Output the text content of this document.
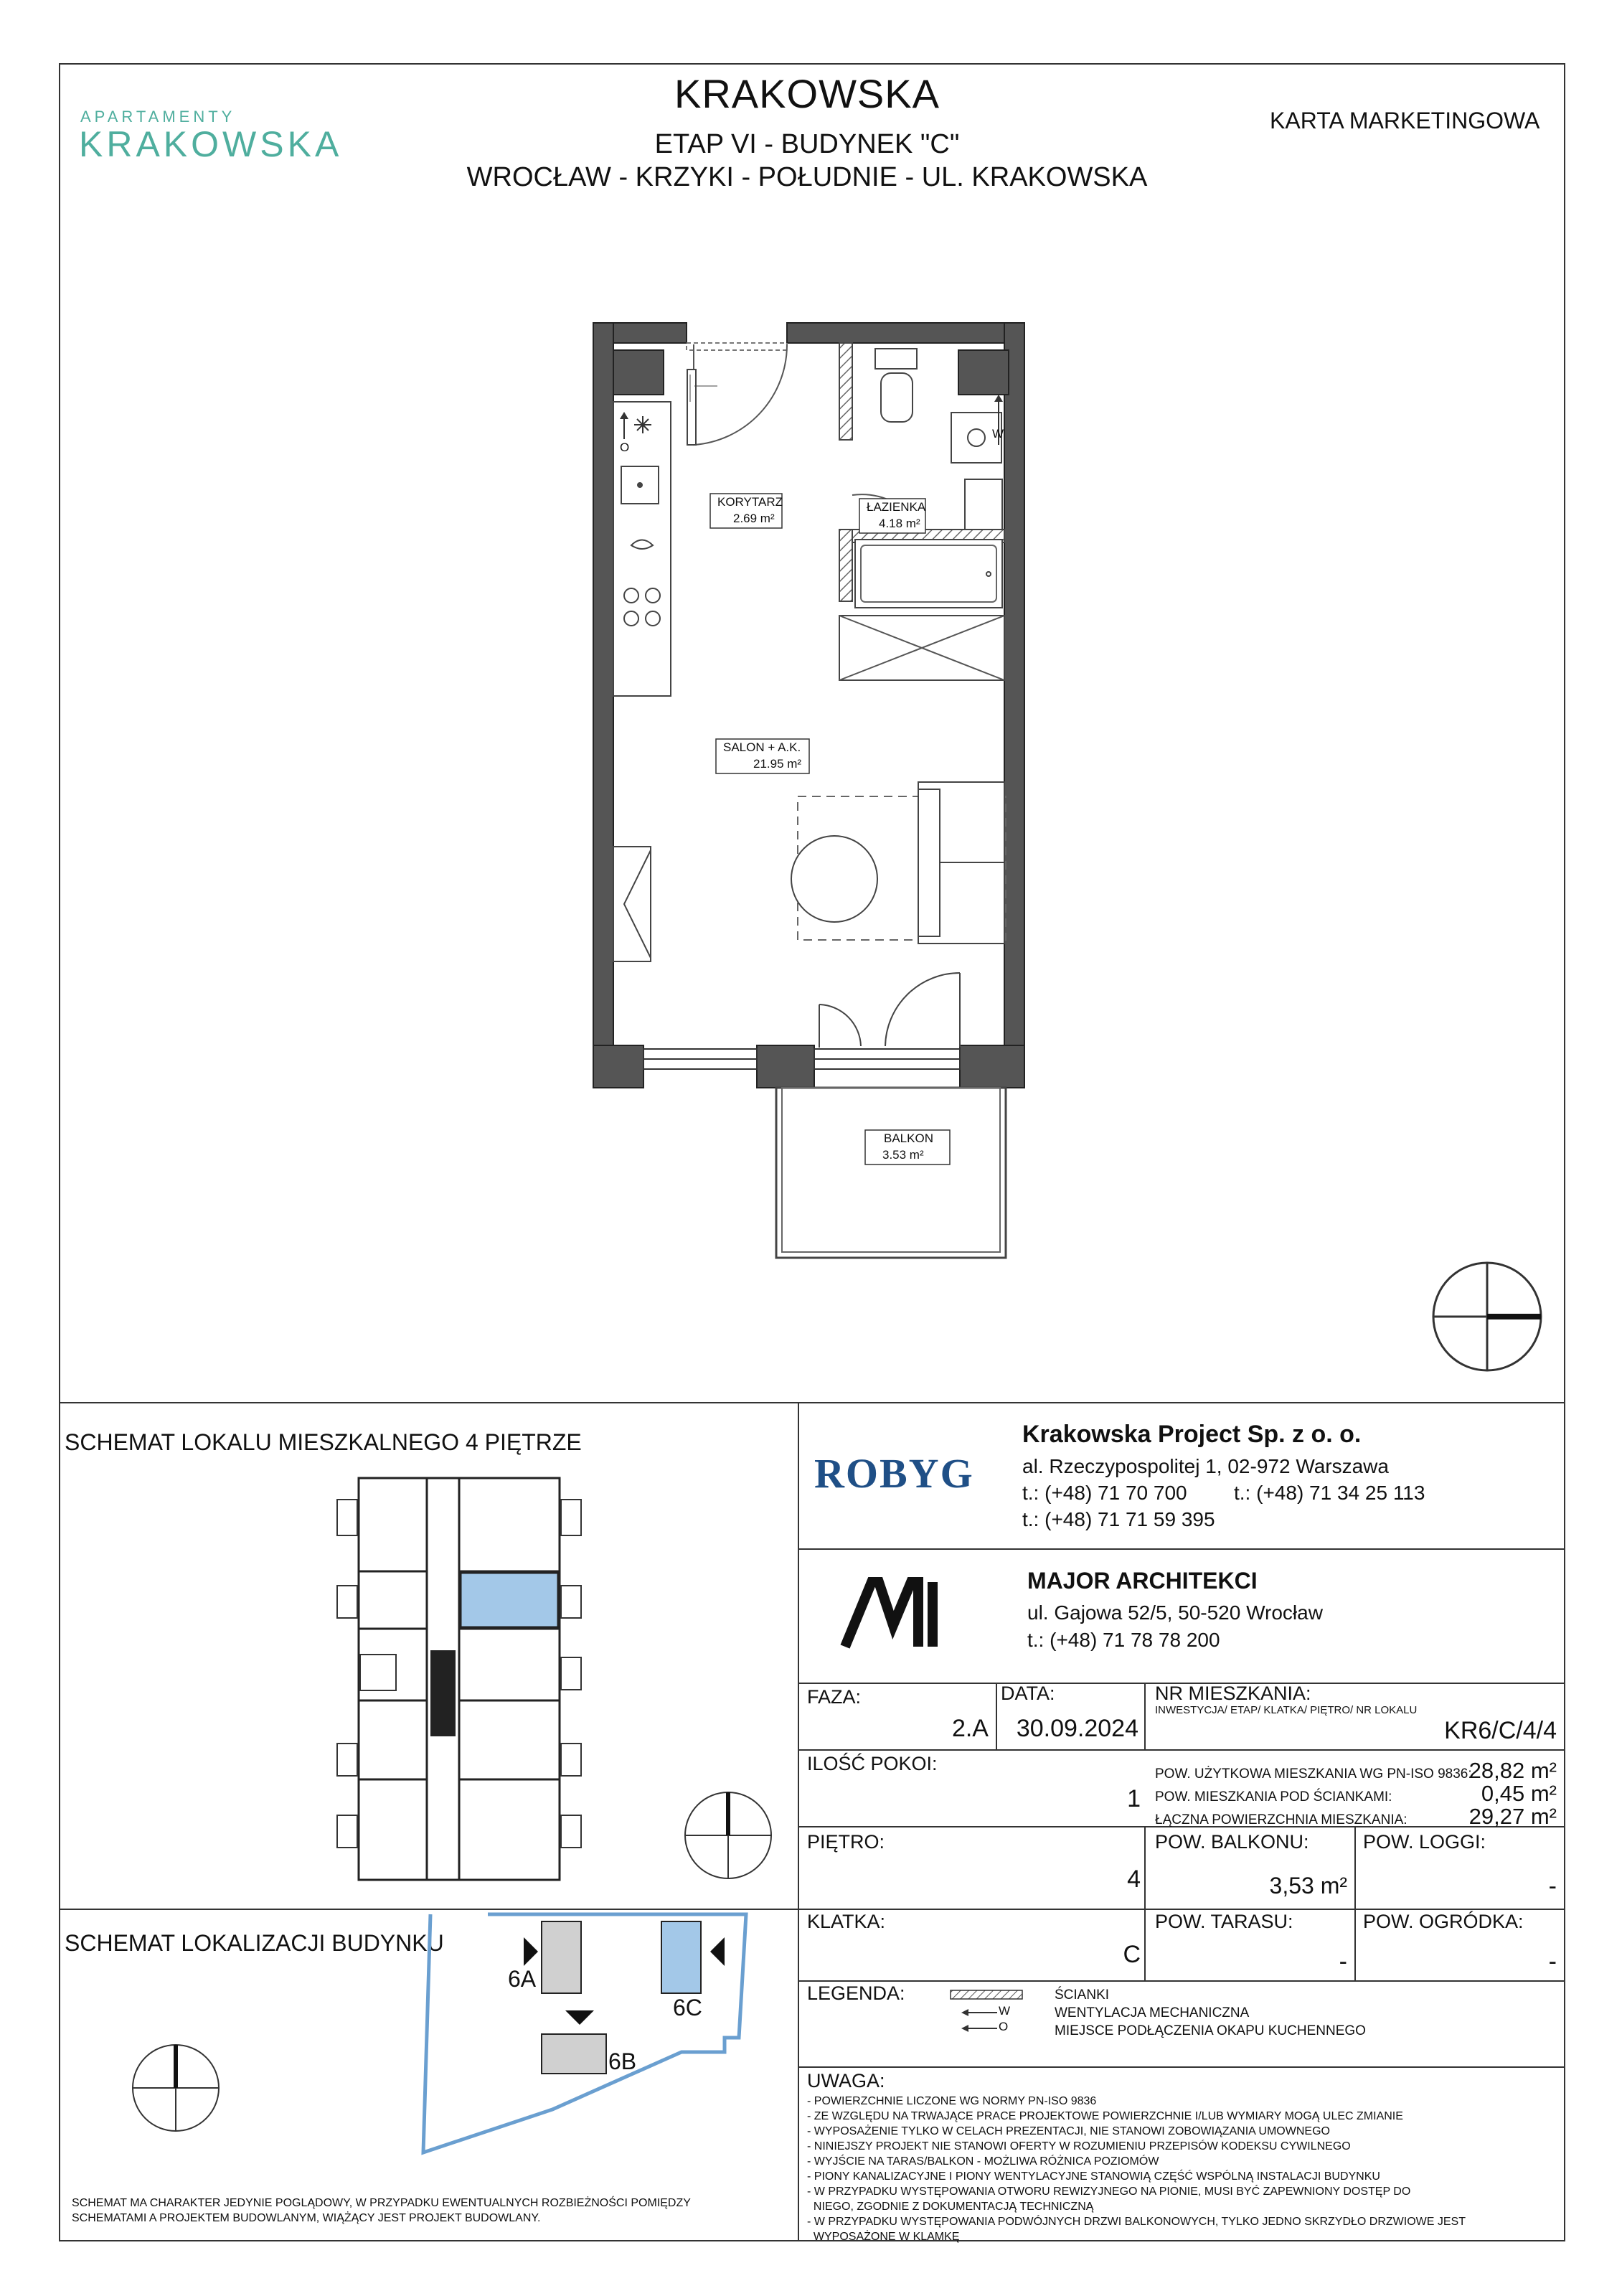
APARTAMENTY
KRAKOWSKA
KRAKOWSKA
ETAP VI - BUDYNEK "C"
WROCŁAW - KRZYKI - POŁUDNIE - UL. KRAKOWSKA
KARTA MARKETINGOWA
KORYTARZ
2.69 m²
ŁAZIENKA
4.18 m²
SALON + A.K.
21.95 m²
BALKON
3.53 m²
W
O
SCHEMAT LOKALU MIESZKALNEGO 4 PIĘTRZE
SCHEMAT LOKALIZACJI BUDYNKU
6A
6B
6C
SCHEMAT MA CHARAKTER JEDYNIE POGLĄDOWY, W PRZYPADKU EWENTUALNYCH ROZBIEŻNOŚCI POMIĘDZY SCHEMATAMI A PROJEKTEM BUDOWLANYM, WIĄŻĄCY JEST PROJEKT BUDOWLANY.
ROBYG
Krakowska Project Sp. z o. o.
al. Rzeczypospolitej 1, 02-972 Warszawa
t.: (+48) 71 70 700 t.: (+48) 71 34 25 113
t.: (+48) 71 71 59 395
MAJOR ARCHITEKCI
ul. Gajowa 52/5, 50-520 Wrocław
t.: (+48) 71 78 78 200
FAZA:
2.A
DATA:
30.09.2024
NR MIESZKANIA:
INWESTYCJA/ ETAP/ KLATKA/ PIĘTRO/ NR LOKALU
KR6/C/4/4
ILOŚĆ POKOI:
1
POW. UŻYTKOWA MIESZKANIA WG PN-ISO 9836:
28,82 m²
POW. MIESZKANIA POD ŚCIANKAMI:	0,45 m²
ŁĄCZNA POWIERZCHNIA MIESZKANIA:	29,27 m²
PIĘTRO:
4
POW. BALKONU:
3,53 m²
POW. LOGGI:
-
KLATKA:
C
POW. TARASU:
-
POW. OGRÓDKA:
-
LEGENDA:
W
O
ŚCIANKI
WENTYLACJA MECHANICZNA
MIEJSCE PODŁĄCZENIA OKAPU KUCHENNEGO
UWAGA:
- POWIERZCHNIE LICZONE WG NORMY PN-ISO 9836
- ZE WZGLĘDU NA TRWAJĄCE PRACE PROJEKTOWE POWIERZCHNIE I/LUB WYMIARY MOGĄ ULEC ZMIANIE
- WYPOSAŻENIE TYLKO W CELACH PREZENTACJI, NIE STANOWI ZOBOWIĄZANIA UMOWNEGO
- NINIEJSZY PROJEKT NIE STANOWI OFERTY W ROZUMIENIU PRZEPISÓW KODEKSU CYWILNEGO
- WYJŚCIE NA TARAS/BALKON - MOŻLIWA RÓŻNICA POZIOMÓW
- PIONY KANALIZACYJNE I PIONY WENTYLACYJNE STANOWIĄ CZĘŚĆ WSPÓLNĄ INSTALACJI BUDYNKU
- W PRZYPADKU WYSTĘPOWANIA OTWORU REWIZYJNEGO NA PIONIE, MUSI BYĆ ZAPEWNIONY DOSTĘP DO
NIEGO, ZGODNIE Z DOKUMENTACJĄ TECHNICZNĄ
- W PRZYPADKU WYSTĘPOWANIA PODWÓJNYCH DRZWI BALKONOWYCH, TYLKO JEDNO SKRZYDŁO DRZWIOWE JEST
WYPOSAŻONE W KLAMKĘ
